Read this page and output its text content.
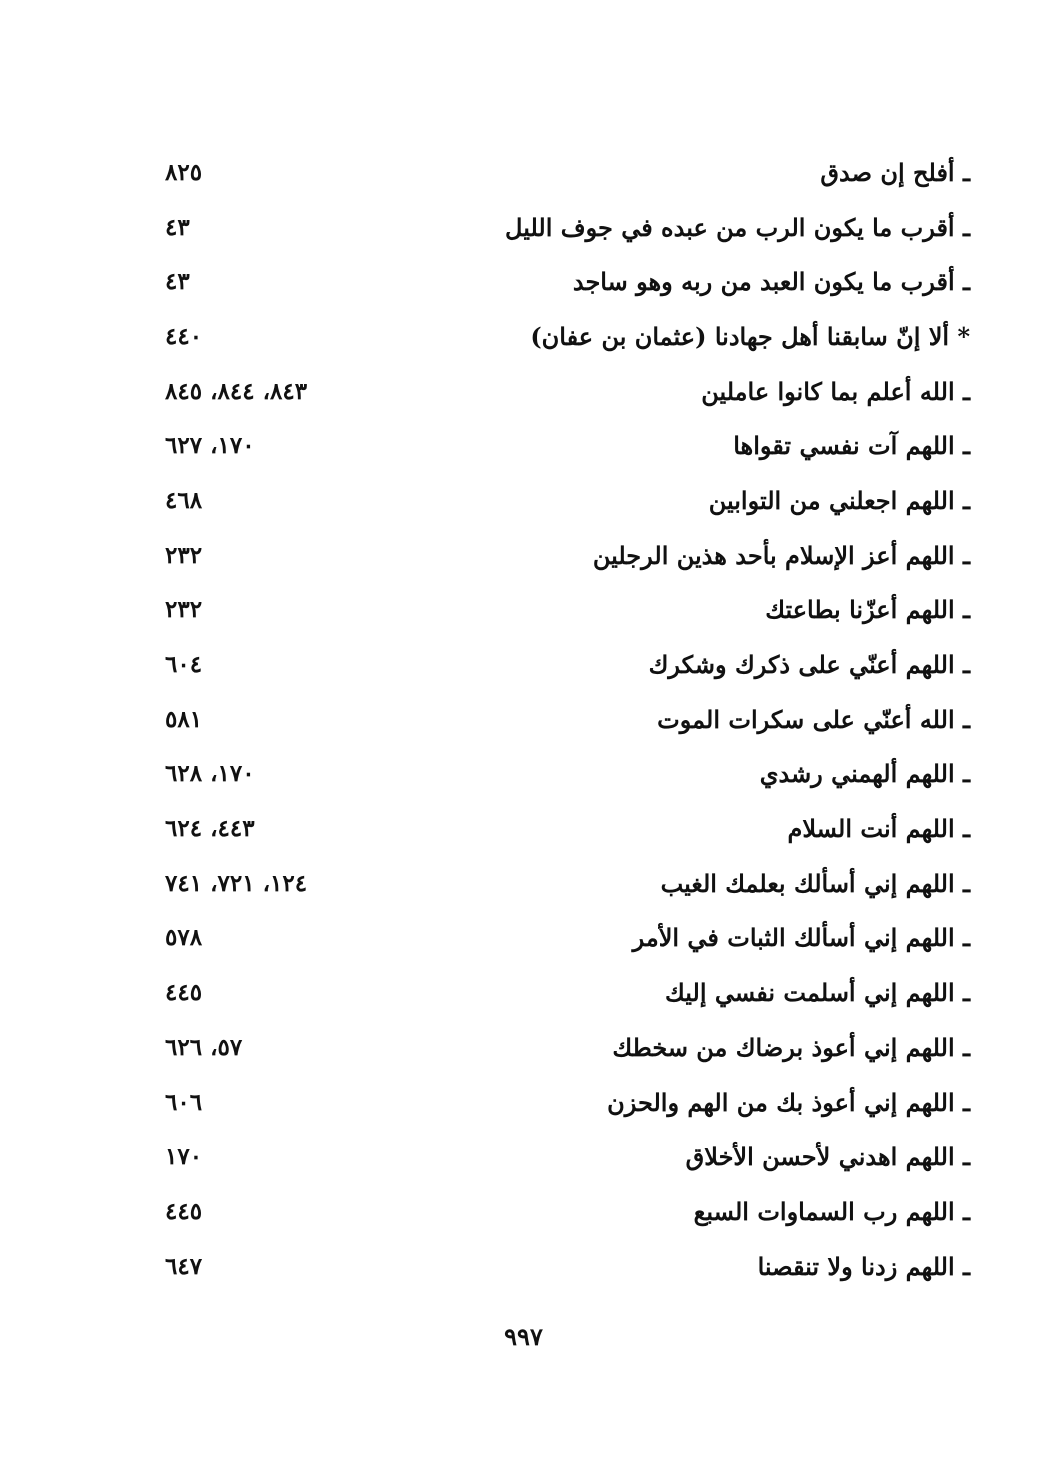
٨٢٥	ـ أفلح إن صدق
٤٣	ـ أقرب ما يكون الرب من عبده في جوف الليل
٤٣	ـ أقرب ما يكون العبد من ربه وهو ساجد
٤٤٠	* ألا إنّ سابقنا أهل جهادنا (عثمان بن عفان)
٨٤٣، ٨٤٤، ٨٤٥	ـ الله أعلم بما كانوا عاملين
١٧٠، ٦٢٧	ـ اللهم آت نفسي تقواها
٤٦٨	ـ اللهم اجعلني من التوابين
٢٣٢	ـ اللهم أعز الإسلام بأحد هذين الرجلين
٢٣٢	ـ اللهم أعزّنا بطاعتك
٦٠٤	ـ اللهم أعنّي على ذكرك وشكرك
٥٨١	ـ الله أعنّي على سكرات الموت
١٧٠، ٦٢٨	ـ اللهم ألهمني رشدي
٤٤٣، ٦٢٤	ـ اللهم أنت السلام
١٢٤، ٧٢١، ٧٤١	ـ اللهم إني أسألك بعلمك الغيب
٥٧٨	ـ اللهم إني أسألك الثبات في الأمر
٤٤٥	ـ اللهم إني أسلمت نفسي إليك
٥٧، ٦٢٦	ـ اللهم إني أعوذ برضاك من سخطك
٦٠٦	ـ اللهم إني أعوذ بك من الهم والحزن
١٧٠	ـ اللهم اهدني لأحسن الأخلاق
٤٤٥	ـ اللهم رب السماوات السبع
٦٤٧	ـ اللهم زدنا ولا تنقصنا
٩٩٧
